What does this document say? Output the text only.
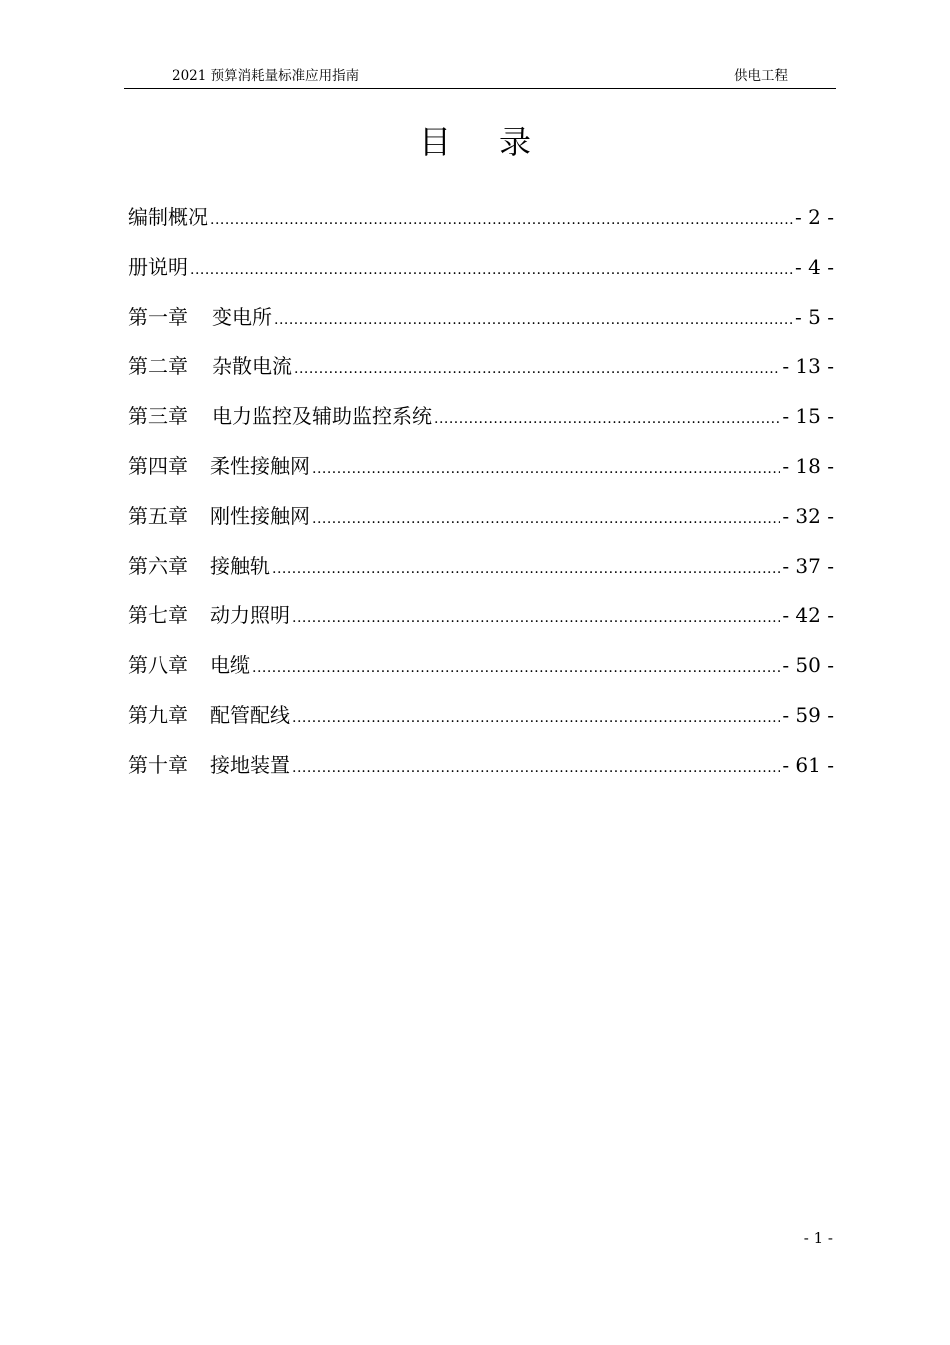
2021 预算消耗量标准应用指南	供电工程
目录
编制概况 .....	- 2 -
册说明 .....	- 4 -
第一章 变电所 .....	- 5 -
第二章 杂散电流 .....	- 13 -
第三章 电力监控及辅助监控系统 .....	- 15 -
第四章 柔性接触网 .....	- 18 -
第五章 刚性接触网 .....	- 32 -
第六章 接触轨 .....	- 37 -
第七章 动力照明 .....	- 42 -
第八章 电缆 .....	- 50 -
第九章 配管配线 .....	- 59 -
第十章 接地装置 .....	- 61 -
- 1 -
